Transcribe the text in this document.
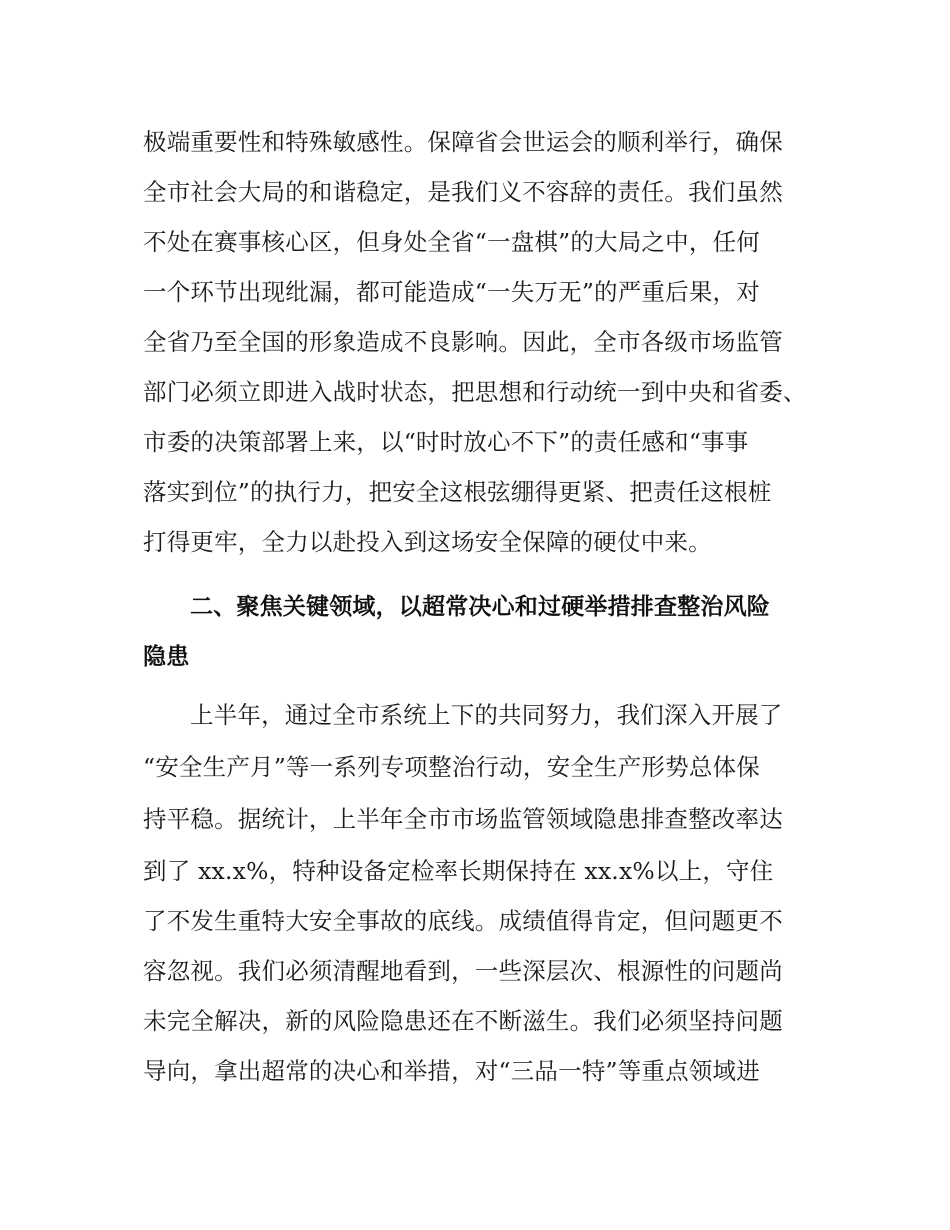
极端重要性和特殊敏感性。保障省会世运会的顺利举行，确保
全市社会大局的和谐稳定，是我们义不容辞的责任。我们虽然
不处在赛事核心区，但身处全省“一盘棋”的大局之中，任何
一个环节出现纰漏，都可能造成“一失万无”的严重后果，对
全省乃至全国的形象造成不良影响。因此，全市各级市场监管
部门必须立即进入战时状态，把思想和行动统一到中央和省委、
市委的决策部署上来，以“时时放心不下”的责任感和“事事
落实到位”的执行力，把安全这根弦绷得更紧、把责任这根桩
打得更牢，全力以赴投入到这场安全保障的硬仗中来。
二、聚焦关键领域，以超常决心和过硬举措排查整治风险
隐患
上半年，通过全市系统上下的共同努力，我们深入开展了
“安全生产月”等一系列专项整治行动，安全生产形势总体保
持平稳。据统计，上半年全市市场监管领域隐患排查整改率达
到了 xx.x%，特种设备定检率长期保持在 xx.x%以上，守住
了不发生重特大安全事故的底线。成绩值得肯定，但问题更不
容忽视。我们必须清醒地看到，一些深层次、根源性的问题尚
未完全解决，新的风险隐患还在不断滋生。我们必须坚持问题
导向，拿出超常的决心和举措，对“三品一特”等重点领域进
